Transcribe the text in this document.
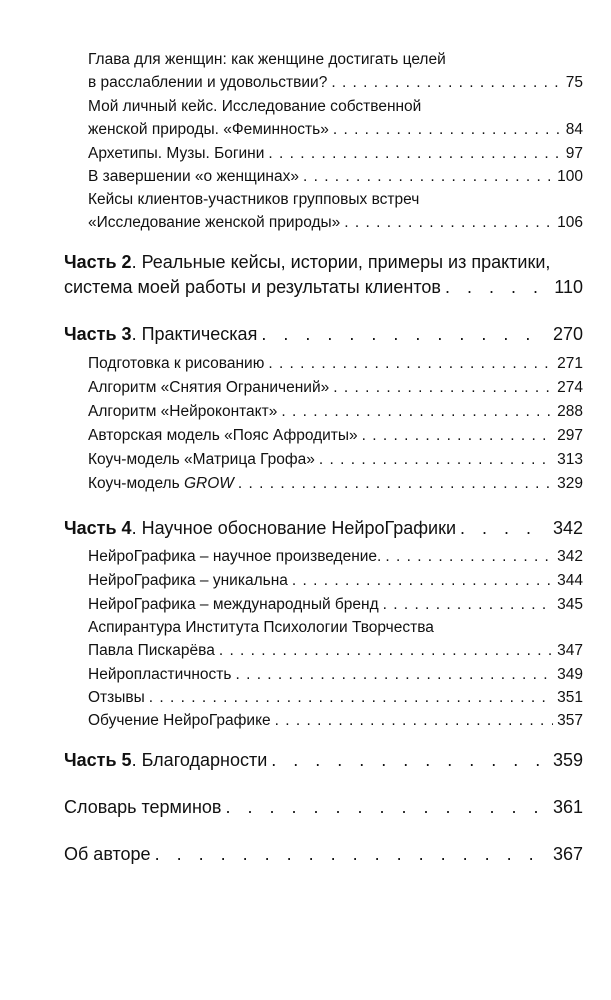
Глава для женщин: как женщине достигать целей
в расслаблении и удовольствии? . . .	75
Мой личный кейс. Исследование собственной
женской природы. «Феминность» . . .	84
Архетипы. Музы. Богини . . .	97
В завершении «о женщинах» . . .	100
Кейсы клиентов-участников групповых встреч
«Исследование женской природы» . . .	106
Часть 2. Реальные кейсы, истории, примеры из практики,
система моей работы и результаты клиентов . . .	110
Часть 3. Практическая . . .	270
Подготовка к рисованию . . .	271
Алгоритм «Снятия Ограничений» . . .	274
Алгоритм «Нейроконтакт» . . .	288
Авторская модель «Пояс Афродиты» . . .	297
Коуч-модель «Матрица Грофа» . . .	313
Коуч-модель GROW . . .	329
Часть 4. Научное обоснование НейроГрафики . . .	342
НейроГрафика – научное произведение. . . .	342
НейроГрафика – уникальна . . .	344
НейроГрафика – международный бренд . . .	345
Аспирантура Института Психологии Творчества
Павла Пискарёва . . .	347
Нейропластичность . . .	349
Отзывы . . .	351
Обучение НейроГрафике . . .	357
Часть 5. Благодарности . . .	359
Словарь терминов . . .	361
Об авторе . . .	367
